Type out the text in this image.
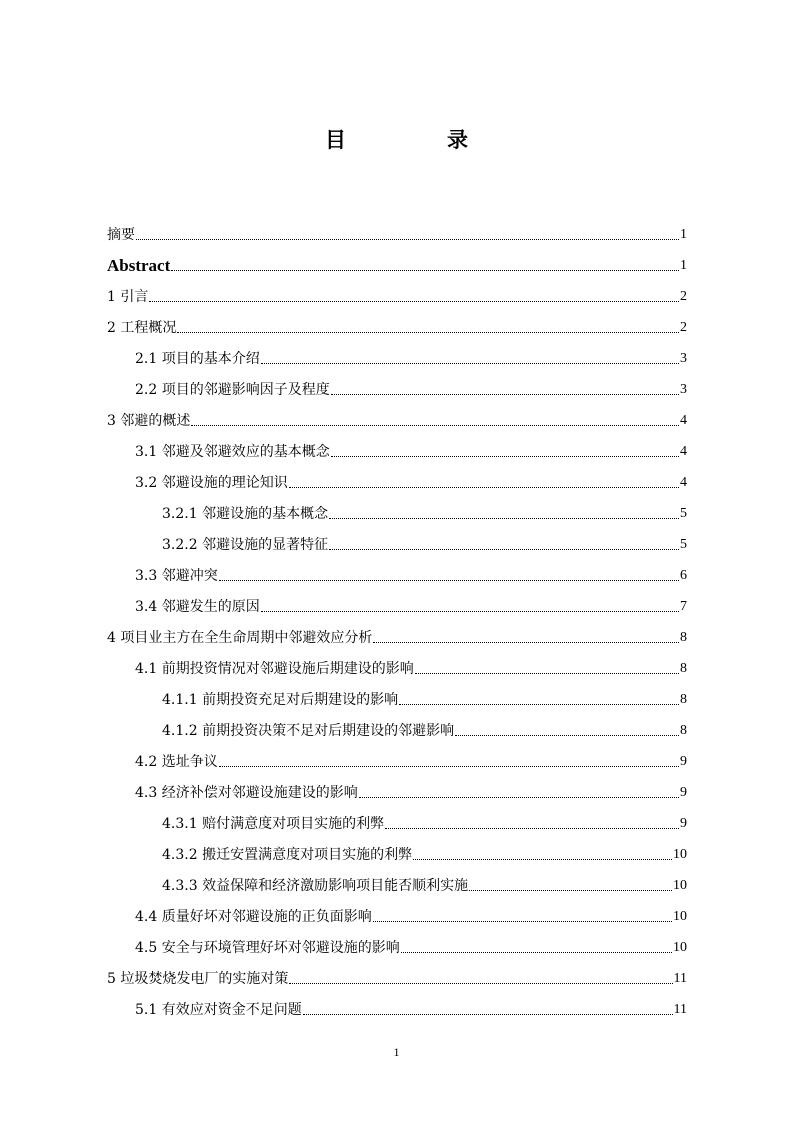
目　录
摘要	1
Abstract	1
1 引言	2
2 工程概况	2
2.1 项目的基本介绍	3
2.2 项目的邻避影响因子及程度	3
3 邻避的概述	4
3.1 邻避及邻避效应的基本概念	4
3.2 邻避设施的理论知识	4
3.2.1 邻避设施的基本概念	5
3.2.2 邻避设施的显著特征	5
3.3 邻避冲突	6
3.4 邻避发生的原因	7
4 项目业主方在全生命周期中邻避效应分析	8
4.1 前期投资情况对邻避设施后期建设的影响	8
4.1.1 前期投资充足对后期建设的影响	8
4.1.2 前期投资决策不足对后期建设的邻避影响	8
4.2 选址争议	9
4.3 经济补偿对邻避设施建设的影响	9
4.3.1 赔付满意度对项目实施的利弊	9
4.3.2 搬迁安置满意度对项目实施的利弊	10
4.3.3 效益保障和经济激励影响项目能否顺利实施	10
4.4 质量好坏对邻避设施的正负面影响	10
4.5 安全与环境管理好坏对邻避设施的影响	10
5 垃圾焚烧发电厂的实施对策	11
5.1 有效应对资金不足问题	11
1
